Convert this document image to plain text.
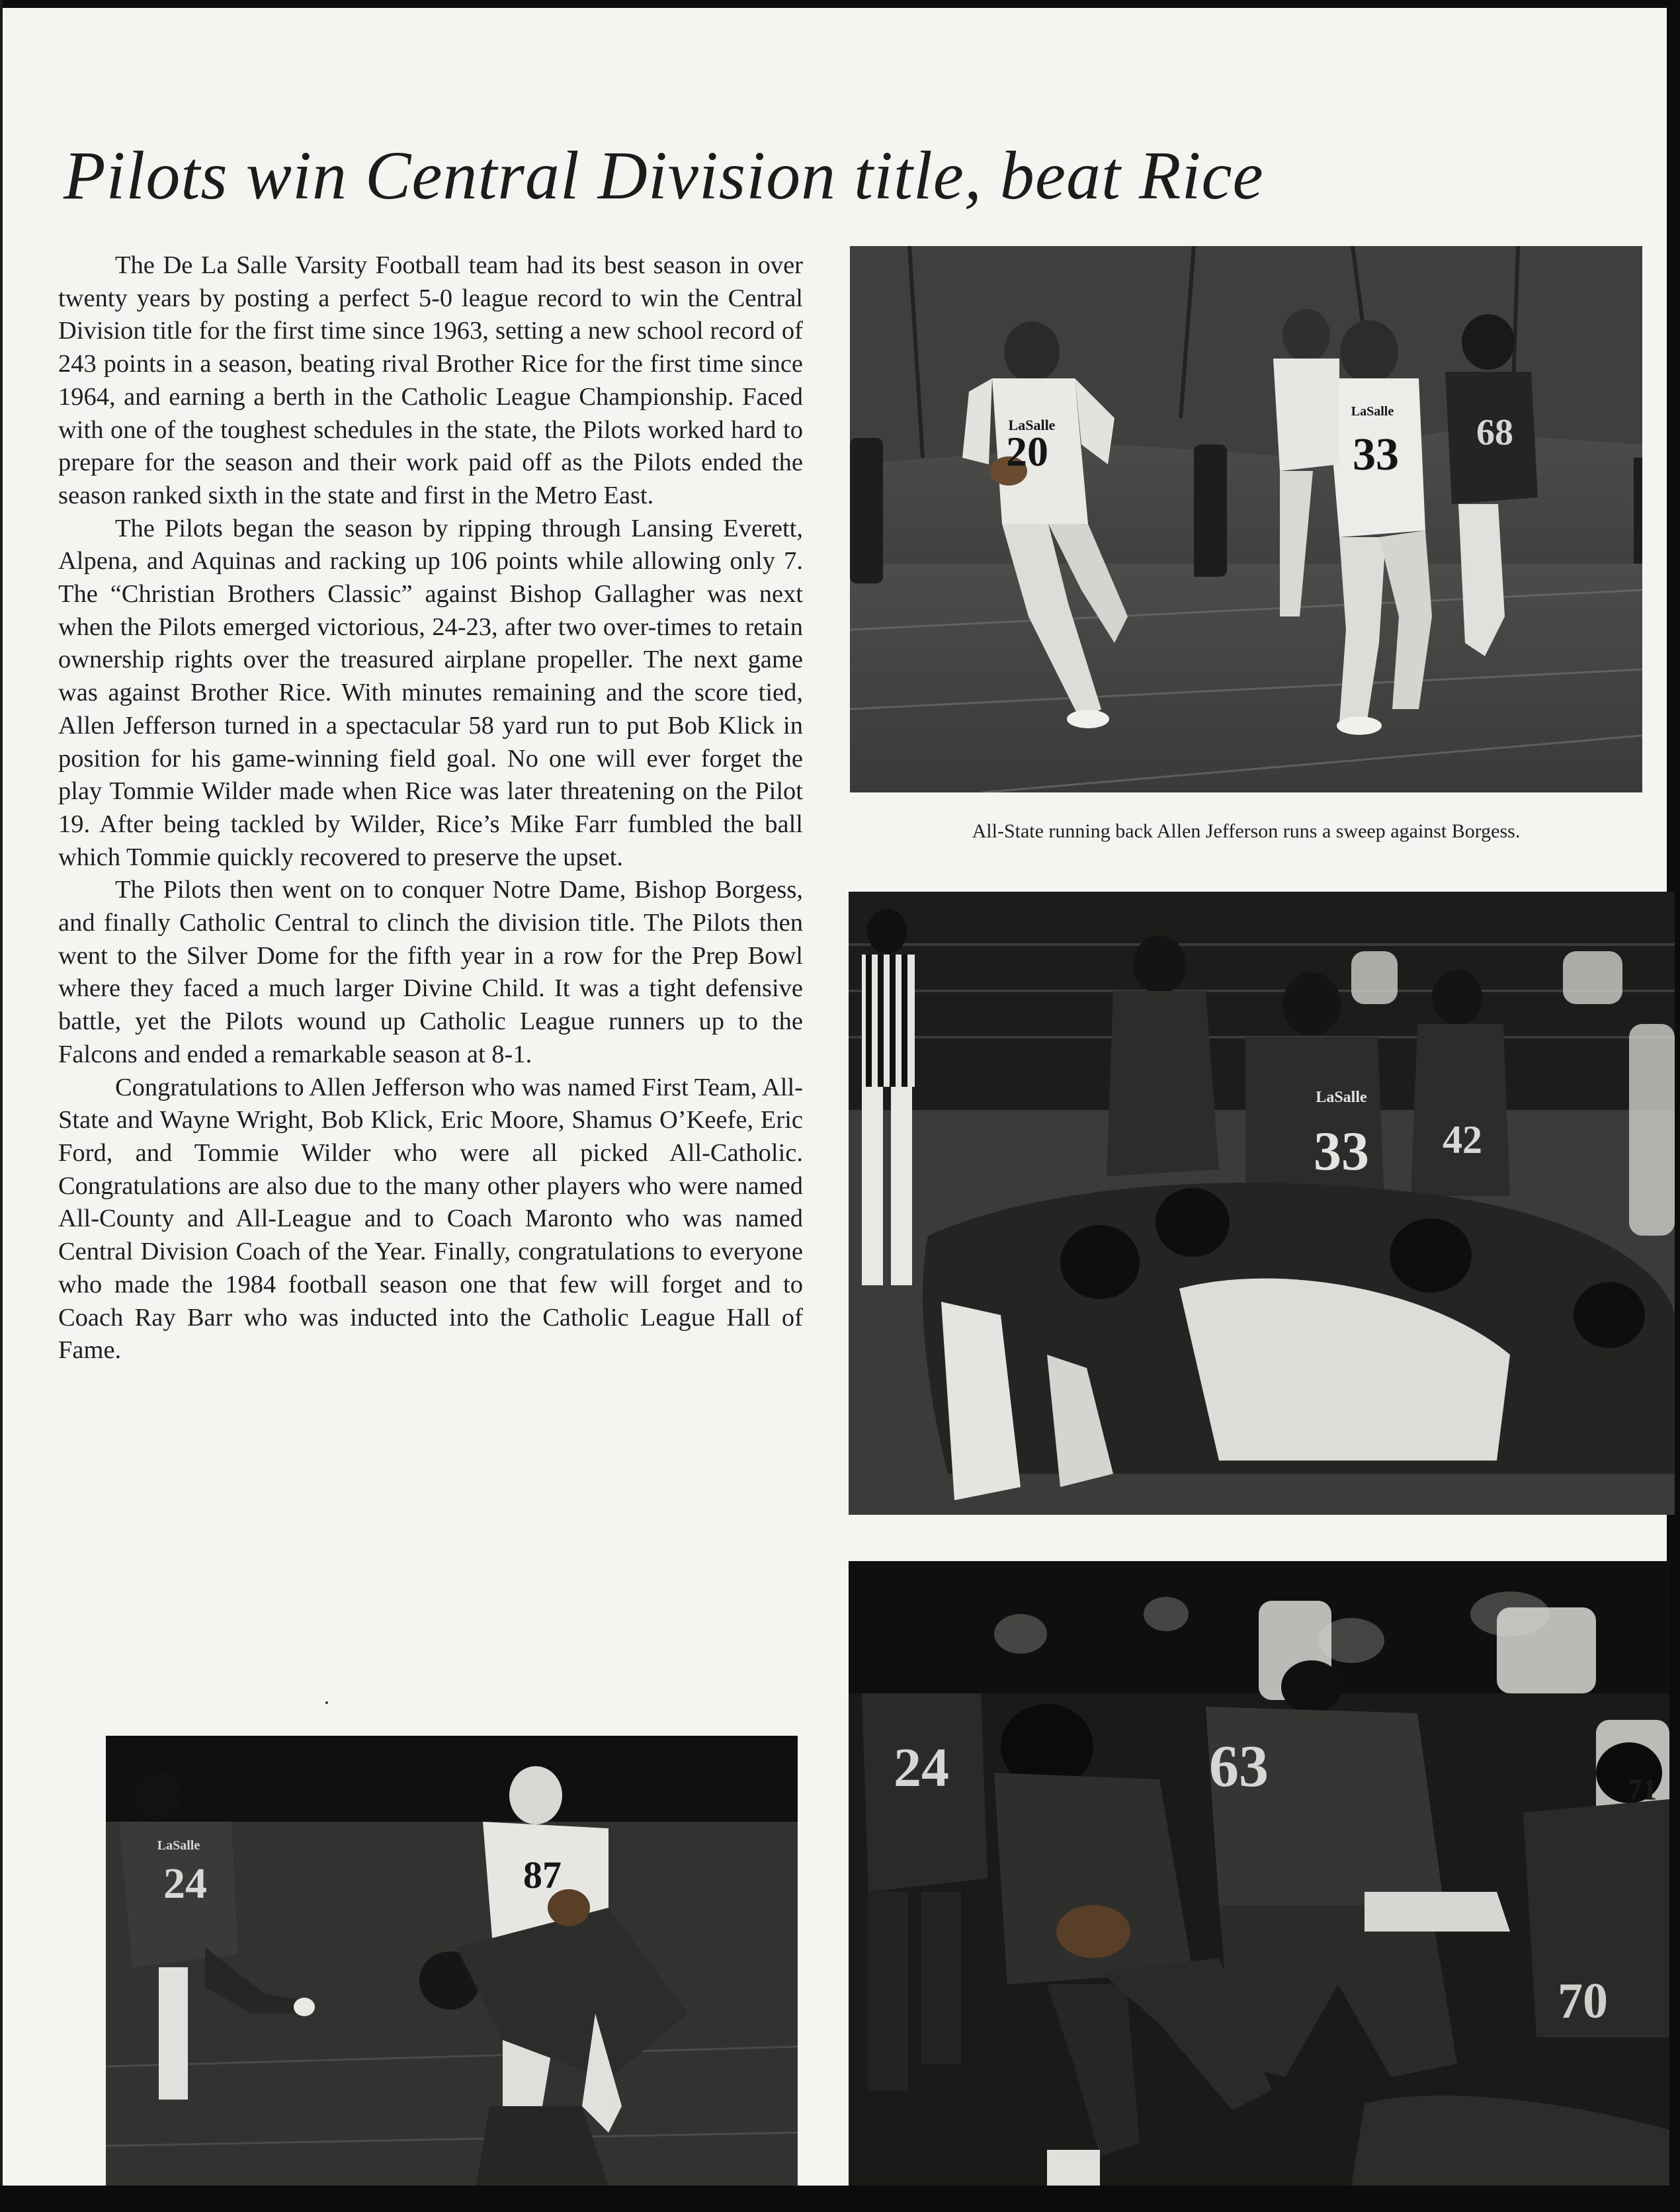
Pilots win Central Division title, beat Rice

The De La Salle Varsity Football team had its best season in over twenty years by posting a perfect 5-0 league record to win the Central Division title for the first time since 1963, setting a new school record of 243 points in a season, beating rival Brother Rice for the first time since 1964, and earning a berth in the Catholic League Championship. Faced with one of the toughest schedules in the state, the Pilots worked hard to prepare for the season and their work paid off as the Pilots ended the season ranked sixth in the state and first in the Metro East.

The Pilots began the season by ripping through Lansing Everett, Alpena, and Aquinas and racking up 106 points while allowing only 7. The “Christian Brothers Classic” against Bishop Gallagher was next when the Pilots emerged victorious, 24-23, after two over-times to retain ownership rights over the treasured airplane propeller. The next game was against Brother Rice. With minutes remaining and the score tied, Allen Jefferson turned in a spectacular 58 yard run to put Bob Klick in position for his game-winning field goal. No one will ever forget the play Tommie Wilder made when Rice was later threatening on the Pilot 19. After being tackled by Wilder, Rice’s Mike Farr fumbled the ball which Tommie quickly recovered to preserve the upset.

The Pilots then went on to conquer Notre Dame, Bishop Borgess, and finally Catholic Central to clinch the division title. The Pilots then went to the Silver Dome for the fifth year in a row for the Prep Bowl where they faced a much larger Divine Child. It was a tight defensive battle, yet the Pilots wound up Catholic League runners up to the Falcons and ended a remarkable season at 8-1.

Congratulations to Allen Jefferson who was named First Team, All-State and Wayne Wright, Bob Klick, Eric Moore, Shamus O’Keefe, Eric Ford, and Tommie Wilder who were all picked All-Catholic. Congratulations are also due to the many other players who were named All-County and All-League and to Coach Maronto who was named Central Division Coach of the Year. Finally, congratulations to everyone who made the 1984 football season one that few will forget and to Coach Ray Barr who was inducted into the Catholic League Hall of Fame.

20
LaSalle
33
LaSalle
68
All-State running back Allen Jefferson runs a sweep against Borgess.
33
LaSalle
42
24	63
70
71
24
LaSalle
87
